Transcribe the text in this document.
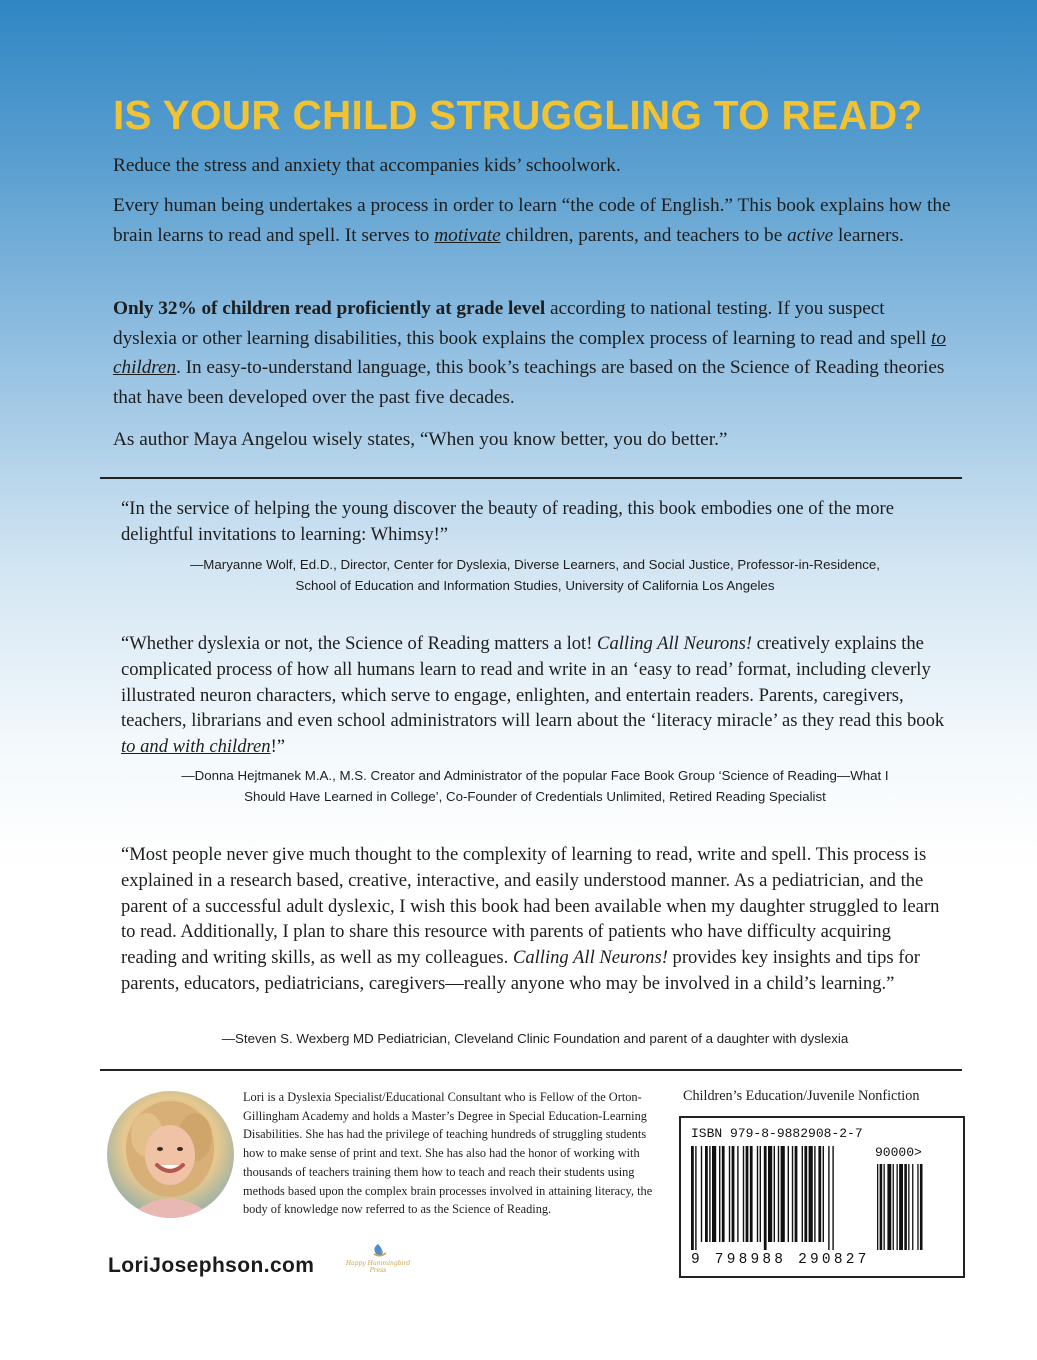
IS YOUR CHILD STRUGGLING TO READ?

Reduce the stress and anxiety that accompanies kids’ schoolwork.

Every human being undertakes a process in order to learn “the code of English.” This book explains how the brain learns to read and spell. It serves to motivate children, parents, and teachers to be active learners.

Only 32% of children read proficiently at grade level according to national testing. If you suspect dyslexia or other learning disabilities, this book explains the complex process of learning to read and spell to children. In easy-to-understand language, this book’s teachings are based on the Science of Reading theories that have been developed over the past five decades.

As author Maya Angelou wisely states, “When you know better, you do better.”

“In the service of helping the young discover the beauty of reading, this book embodies one of the more delightful invitations to learning: Whimsy!”

—Maryanne Wolf, Ed.D., Director, Center for Dyslexia, Diverse Learners, and Social Justice, Professor-in-Residence,
School of Education and Information Studies, University of California Los Angeles

“Whether dyslexia or not, the Science of Reading matters a lot! Calling All Neurons! creatively explains the complicated process of how all humans learn to read and write in an ‘easy to read’ format, including cleverly illustrated neuron characters, which serve to engage, enlighten, and entertain readers. Parents, caregivers, teachers, librarians and even school administrators will learn about the ‘literacy miracle’ as they read this book to and with children!”

—Donna Hejtmanek M.A., M.S. Creator and Administrator of the popular Face Book Group ‘Science of Reading—What I
Should Have Learned in College’, Co-Founder of Credentials Unlimited, Retired Reading Specialist

“Most people never give much thought to the complexity of learning to read, write and spell. This process is explained in a research based, creative, interactive, and easily understood manner. As a pediatrician, and the parent of a successful adult dyslexic, I wish this book had been available when my daughter struggled to learn to read. Additionally, I plan to share this resource with parents of patients who have difficulty acquiring reading and writing skills, as well as my colleagues. Calling All Neurons! provides key insights and tips for parents, educators, pediatricians, caregivers—really anyone who may be involved in a child’s learning.”

—Steven S. Wexberg MD Pediatrician, Cleveland Clinic Foundation and parent of a daughter with dyslexia

Lori is a Dyslexia Specialist/Educational Consultant who is Fellow of the Orton-Gillingham Academy and holds a Master’s Degree in Special Education-Learning Disabilities. She has had the privilege of teaching hundreds of struggling students how to make sense of print and text. She has also had the honor of working with thousands of teachers training them how to teach and reach their students using methods based upon the complex brain processes involved in attaining literacy, the body of knowledge now referred to as the Science of Reading.

LoriJosephson.com	Happy Hummingbird Press
Children’s Education/Juvenile Nonfiction
ISBN 979-8-9882908-2-7
90000>
9 798988 290827
